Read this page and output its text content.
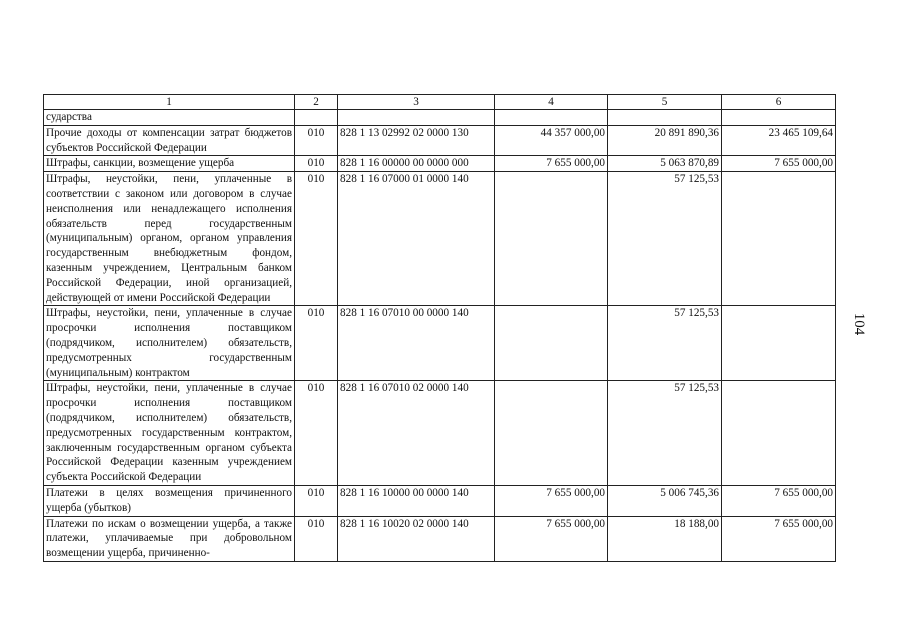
1	2	3	4	5	6
сударства					
Прочие доходы от компенсации затрат бюджетов субъектов Российской Федерации	010	828 1 13 02992 02 0000 130	44 357 000,00	20 891 890,36	23 465 109,64
Штрафы, санкции, возмещение ущерба	010	828 1 16 00000 00 0000 000	7 655 000,00	5 063 870,89	7 655 000,00
Штрафы, неустойки, пени, уплаченные в соответствии с законом или договором в случае неисполнения или ненадлежащего исполнения обязательств перед государственным (муниципальным) органом, органом управления государственным внебюджетным фондом, казенным учреждением, Центральным банком Российской Федерации, иной организацией, действующей от имени Российской Федерации	010	828 1 16 07000 01 0000 140		57 125,53	
Штрафы, неустойки, пени, уплаченные в случае просрочки исполнения поставщиком (подрядчиком, исполнителем) обязательств, предусмотренных государственным (муниципальным) контрактом	010	828 1 16 07010 00 0000 140		57 125,53	
Штрафы, неустойки, пени, уплаченные в случае просрочки исполнения поставщиком (подрядчиком, исполнителем) обязательств, предусмотренных государственным контрактом, заключенным государственным органом субъекта Российской Федерации казенным учреждением субъекта Российской Федерации	010	828 1 16 07010 02 0000 140		57 125,53	
Платежи в целях возмещения причиненного ущерба (убытков)	010	828 1 16 10000 00 0000 140	7 655 000,00	5 006 745,36	7 655 000,00
Платежи по искам о возмещении ущерба, а также платежи, уплачиваемые при добровольном возмещении ущерба, причиненно-	010	828 1 16 10020 02 0000 140	7 655 000,00	18 188,00	7 655 000,00
104
